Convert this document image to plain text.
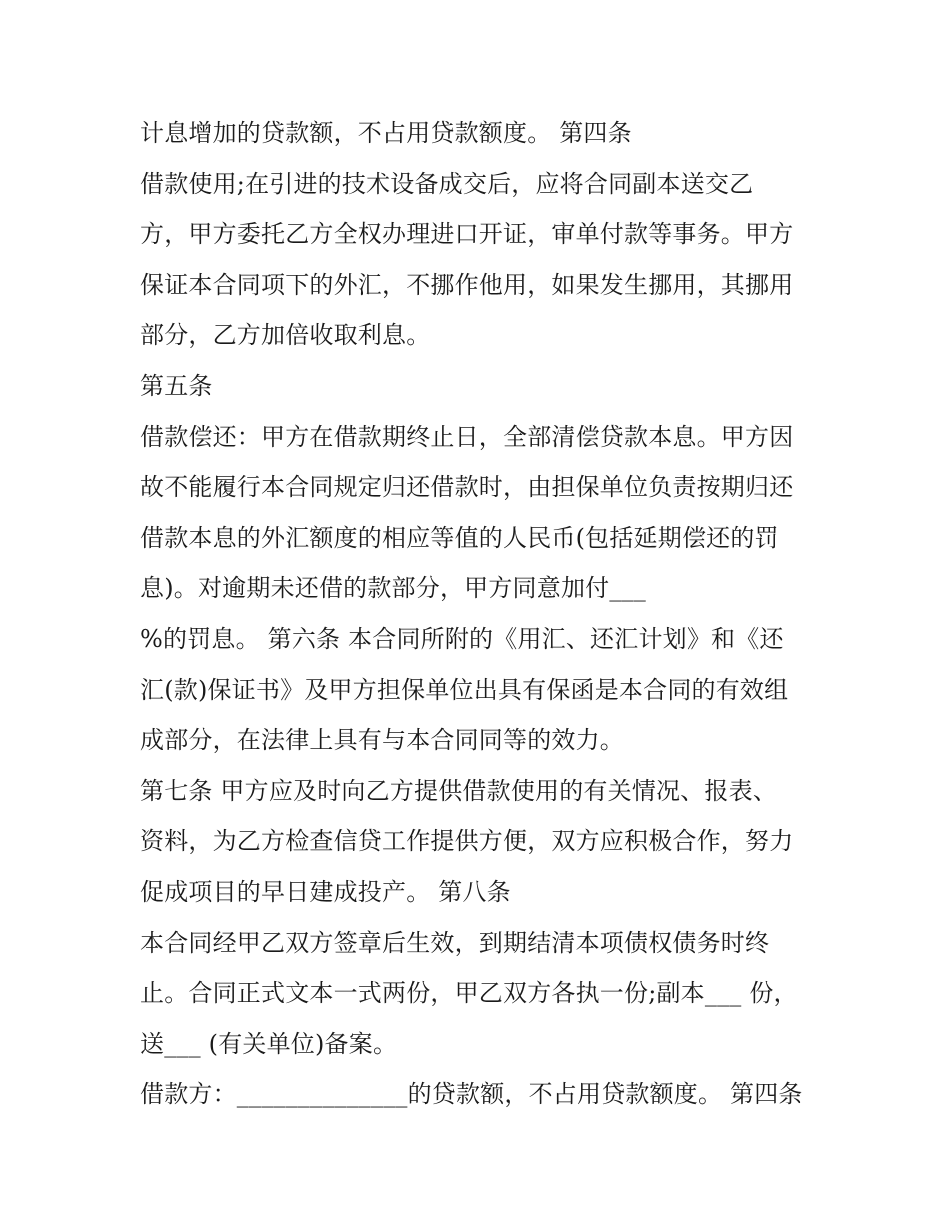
计息增加的贷款额，不占用贷款额度。 第四条
借款使用;在引进的技术设备成交后，应将合同副本送交乙
方，甲方委托乙方全权办理进口开证，审单付款等事务。甲方
保证本合同项下的外汇，不挪作他用，如果发生挪用，其挪用
部分，乙方加倍收取利息。
第五条
借款偿还：甲方在借款期终止日，全部清偿贷款本息。甲方因
故不能履行本合同规定归还借款时，由担保单位负责按期归还
借款本息的外汇额度的相应等值的人民币(包括延期偿还的罚
息)。对逾期未还借的款部分，甲方同意加付___
%的罚息。 第六条 本合同所附的《用汇、还汇计划》和《还
汇(款)保证书》及甲方担保单位出具有保函是本合同的有效组
成部分，在法律上具有与本合同同等的效力。
第七条 甲方应及时向乙方提供借款使用的有关情况、报表、
资料，为乙方检查信贷工作提供方便，双方应积极合作，努力
促成项目的早日建成投产。 第八条
本合同经甲乙双方签章后生效，到期结清本项债权债务时终
止。合同正式文本一式两份，甲乙双方各执一份;副本___ 份，
送___ (有关单位)备案。
借款方：______________的贷款额，不占用贷款额度。 第四条
